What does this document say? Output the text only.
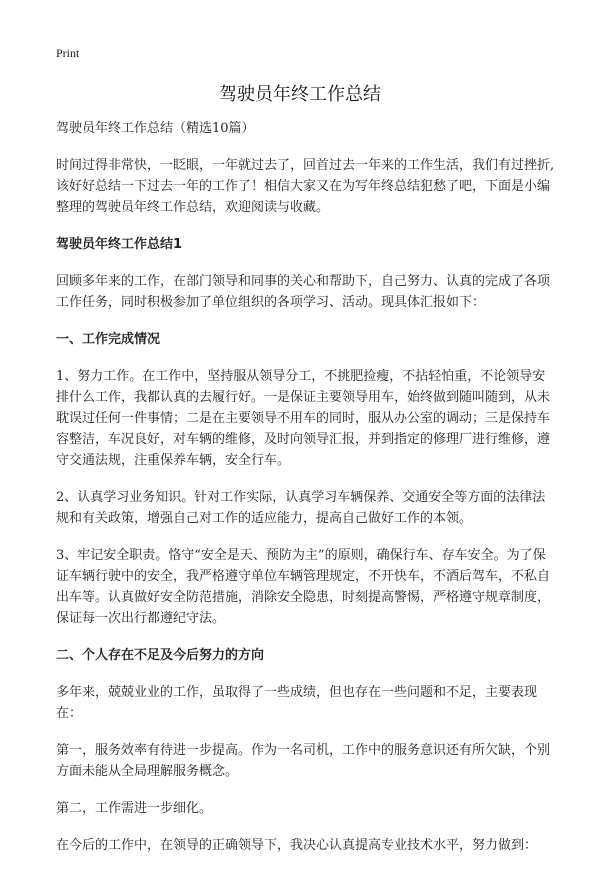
Print
驾驶员年终工作总结

驾驶员年终工作总结（精选10篇）

时间过得非常快，一眨眼，一年就过去了，回首过去一年来的工作生活，我们有过挫折,该好好总结一下过去一年的工作了！相信大家又在为写年终总结犯愁了吧，下面是小编整理的驾驶员年终工作总结，欢迎阅读与收藏。

驾驶员年终工作总结1

回顾多年来的工作，在部门领导和同事的关心和帮助下，自己努力、认真的完成了各项工作任务，同时积极参加了单位组织的各项学习、活动。现具体汇报如下：

一、工作完成情况

1、努力工作。在工作中，坚持服从领导分工，不挑肥捡瘦，不拈轻怕重，不论领导安排什么工作，我都认真的去履行好。一是保证主要领导用车，始终做到随叫随到，从未耽误过任何一件事情；二是在主要领导不用车的同时，服从办公室的调动；三是保持车容整洁，车况良好，对车辆的维修，及时向领导汇报，并到指定的修理厂进行维修，遵守交通法规，注重保养车辆，安全行车。

2、认真学习业务知识。针对工作实际，认真学习车辆保养、交通安全等方面的法律法规和有关政策，增强自己对工作的适应能力，提高自己做好工作的本领。

3、牢记安全职责。恪守“安全是天、预防为主”的原则，确保行车、存车安全。为了保证车辆行驶中的安全，我严格遵守单位车辆管理规定，不开快车，不酒后驾车，不私自出车等。认真做好安全防范措施，消除安全隐患，时刻提高警惕，严格遵守规章制度，保证每一次出行都遵纪守法。

二、个人存在不足及今后努力的方向

多年来，兢兢业业的工作，虽取得了一些成绩，但也存在一些问题和不足，主要表现在：

第一，服务效率有待进一步提高。作为一名司机，工作中的服务意识还有所欠缺，个别方面未能从全局理解服务概念。

第二，工作需进一步细化。

在今后的工作中，在领导的正确领导下，我决心认真提高专业技术水平，努力做到：
